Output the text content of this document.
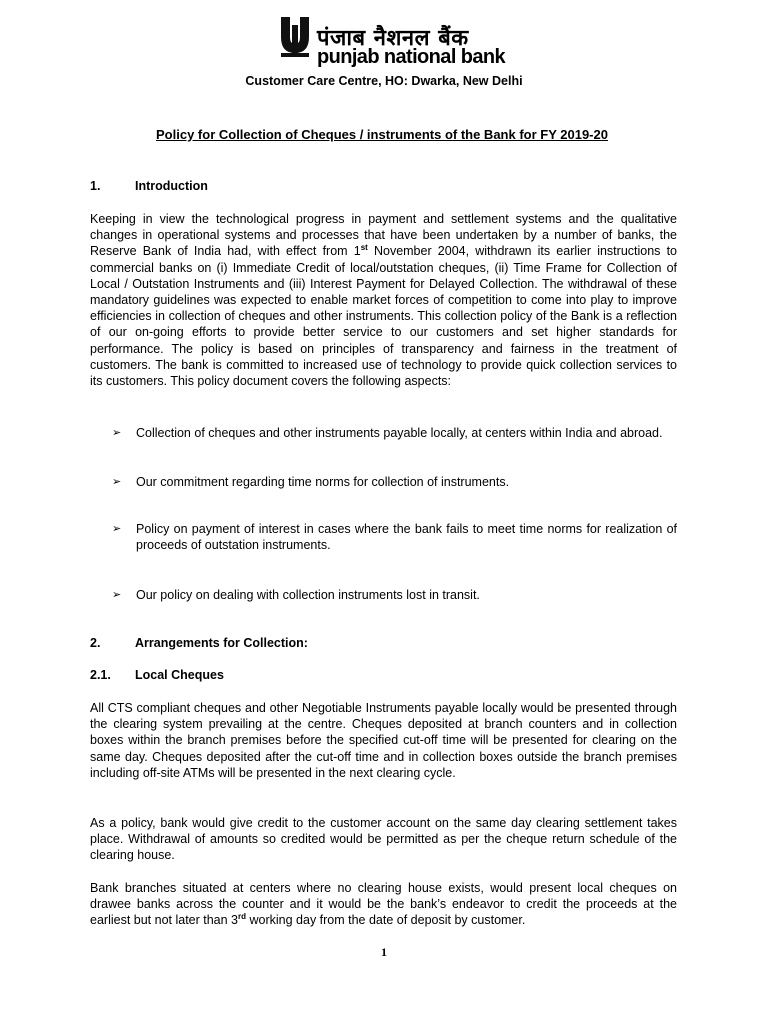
पंजाब नैशनल बैंक
punjab national bank
Customer Care Centre, HO: Dwarka, New Delhi
Policy for Collection of Cheques / instruments of the Bank for FY 2019-20
1.	Introduction
Keeping in view the technological progress in payment and settlement systems and the qualitative changes in operational systems and processes that have been undertaken by a number of banks, the Reserve Bank of India had, with effect from 1st November 2004, withdrawn its earlier instructions to commercial banks on (i) Immediate Credit of local/outstation cheques, (ii) Time Frame for Collection of Local / Outstation Instruments and (iii) Interest Payment for Delayed Collection. The withdrawal of these mandatory guidelines was expected to enable market forces of competition to come into play to improve efficiencies in collection of cheques and other instruments. This collection policy of the Bank is a reflection of our on-going efforts to provide better service to our customers and set higher standards for performance. The policy is based on principles of transparency and fairness in the treatment of customers. The bank is committed to increased use of technology to provide quick collection services to its customers. This policy document covers the following aspects:
➢ Collection of cheques and other instruments payable locally, at centers within India and abroad.
➢ Our commitment regarding time norms for collection of instruments.
➢ Policy on payment of interest in cases where the bank fails to meet time norms for realization of proceeds of outstation instruments.
➢ Our policy on dealing with collection instruments lost in transit.
2.	Arrangements for Collection:
2.1. Local Cheques
All CTS compliant cheques and other Negotiable Instruments payable locally would be presented through the clearing system prevailing at the centre. Cheques deposited at branch counters and in collection boxes within the branch premises before the specified cut-off time will be presented for clearing on the same day. Cheques deposited after the cut-off time and in collection boxes outside the branch premises including off-site ATMs will be presented in the next clearing cycle.
As a policy, bank would give credit to the customer account on the same day clearing settlement takes place. Withdrawal of amounts so credited would be permitted as per the cheque return schedule of the clearing house.
Bank branches situated at centers where no clearing house exists, would present local cheques on drawee banks across the counter and it would be the bank’s endeavor to credit the proceeds at the earliest but not later than 3rd working day from the date of deposit by customer.
1
